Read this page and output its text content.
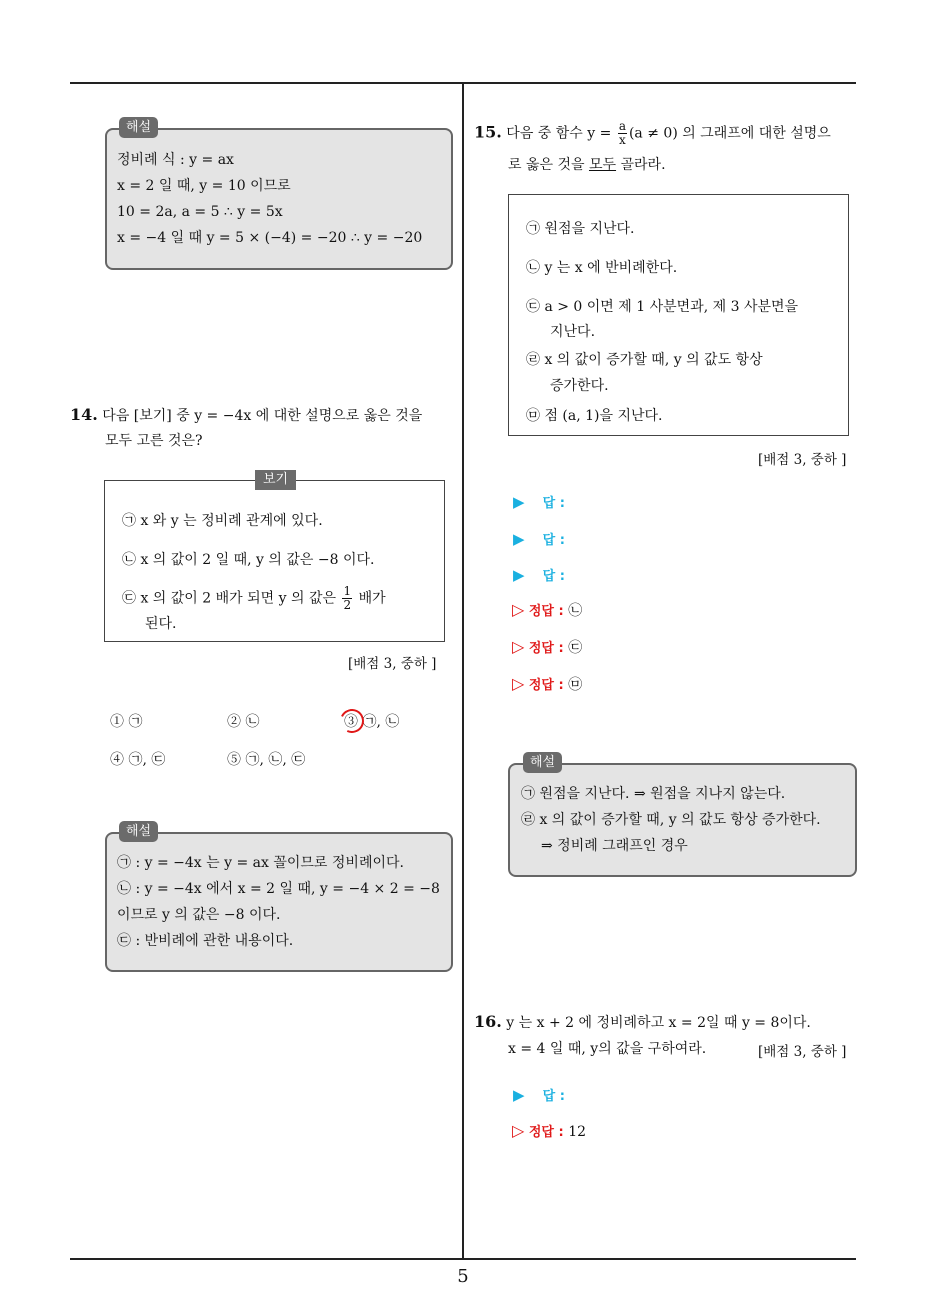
해설
정비례 식 : y = ax
x = 2 일 때, y = 10 이므로
10 = 2a, a = 5 ∴ y = 5x
x = −4 일 때 y = 5 × (−4) = −20 ∴ y = −20
14. 다음 [보기] 중 y = −4x 에 대한 설명으로 옳은 것을
모두 고른 것은?
보기
㉠ x 와 y 는 정비례 관계에 있다.
㉡ x 의 값이 2 일 때, y 의 값은 −8 이다.
㉢ x 의 값이 2 배가 되면 y 의 값은 $\frac{1}{2}$ 배가
된다.
[배점 3, 중하 ]
① ㉠	② ㉡	③ ㉠, ㉡
④ ㉠, ㉢	⑤ ㉠, ㉡, ㉢
해설
㉠ : y = −4x 는 y = ax 꼴이므로 정비례이다.
㉡ : y = −4x 에서 x = 2 일 때, y = −4 × 2 = −8
이므로 y 의 값은 −8 이다.
㉢ : 반비례에 관한 내용이다.
15. 다음 중 함수 $y = \frac{a}{x} (a \ne 0)$ 의 그래프에 대한 설명으
로 옳은 것을 모두 골라라.
㉠ 원점을 지난다.
㉡ y 는 x 에 반비례한다.
㉢ a > 0 이면 제 1 사분면과, 제 3 사분면을
지난다.
㉣ x 의 값이 증가할 때, y 의 값도 항상
증가한다.
㉤ 점 (a, 1)을 지난다.
[배점 3, 중하 ]
▶ 답 :
▶ 답 :
▶ 답 :
▷ 정답 : ㉡
▷ 정답 : ㉢
▷ 정답 : ㉤
해설
㉠ 원점을 지난다. ⇒ 원점을 지나지 않는다.
㉣ x 의 값이 증가할 때, y 의 값도 항상 증가한다.
⇒ 정비례 그래프인 경우
16. y 는 x + 2 에 정비례하고 x = 2일 때 y = 8이다.
x = 4 일 때, y의 값을 구하여라.	[배점 3, 중하 ]
▶ 답 :
▷ 정답 : 12
5
